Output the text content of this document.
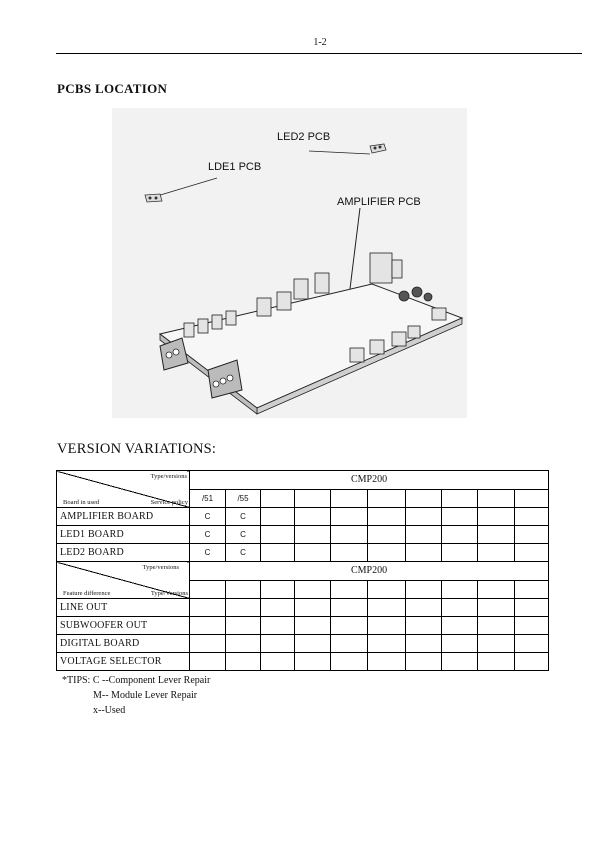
1-2
PCBS LOCATION
LED2 PCB
LDE1 PCB
AMPLIFIER PCB
VERSION VARIATIONS:
Type/versions
Board in used Service policy	CMP200									
	/51	/55								
AMPLIFIER BOARD	C	C								
LED1 BOARD	C	C								
LED2 BOARD	C	C								

Type/versions
Feature difference Type/Versions	CMP200									

LINE OUT										
SUBWOOFER OUT										
DIGITAL BOARD										
VOLTAGE SELECTOR										
*TIPS: C --Component Lever Repair
M-- Module Lever Repair
x--Used
